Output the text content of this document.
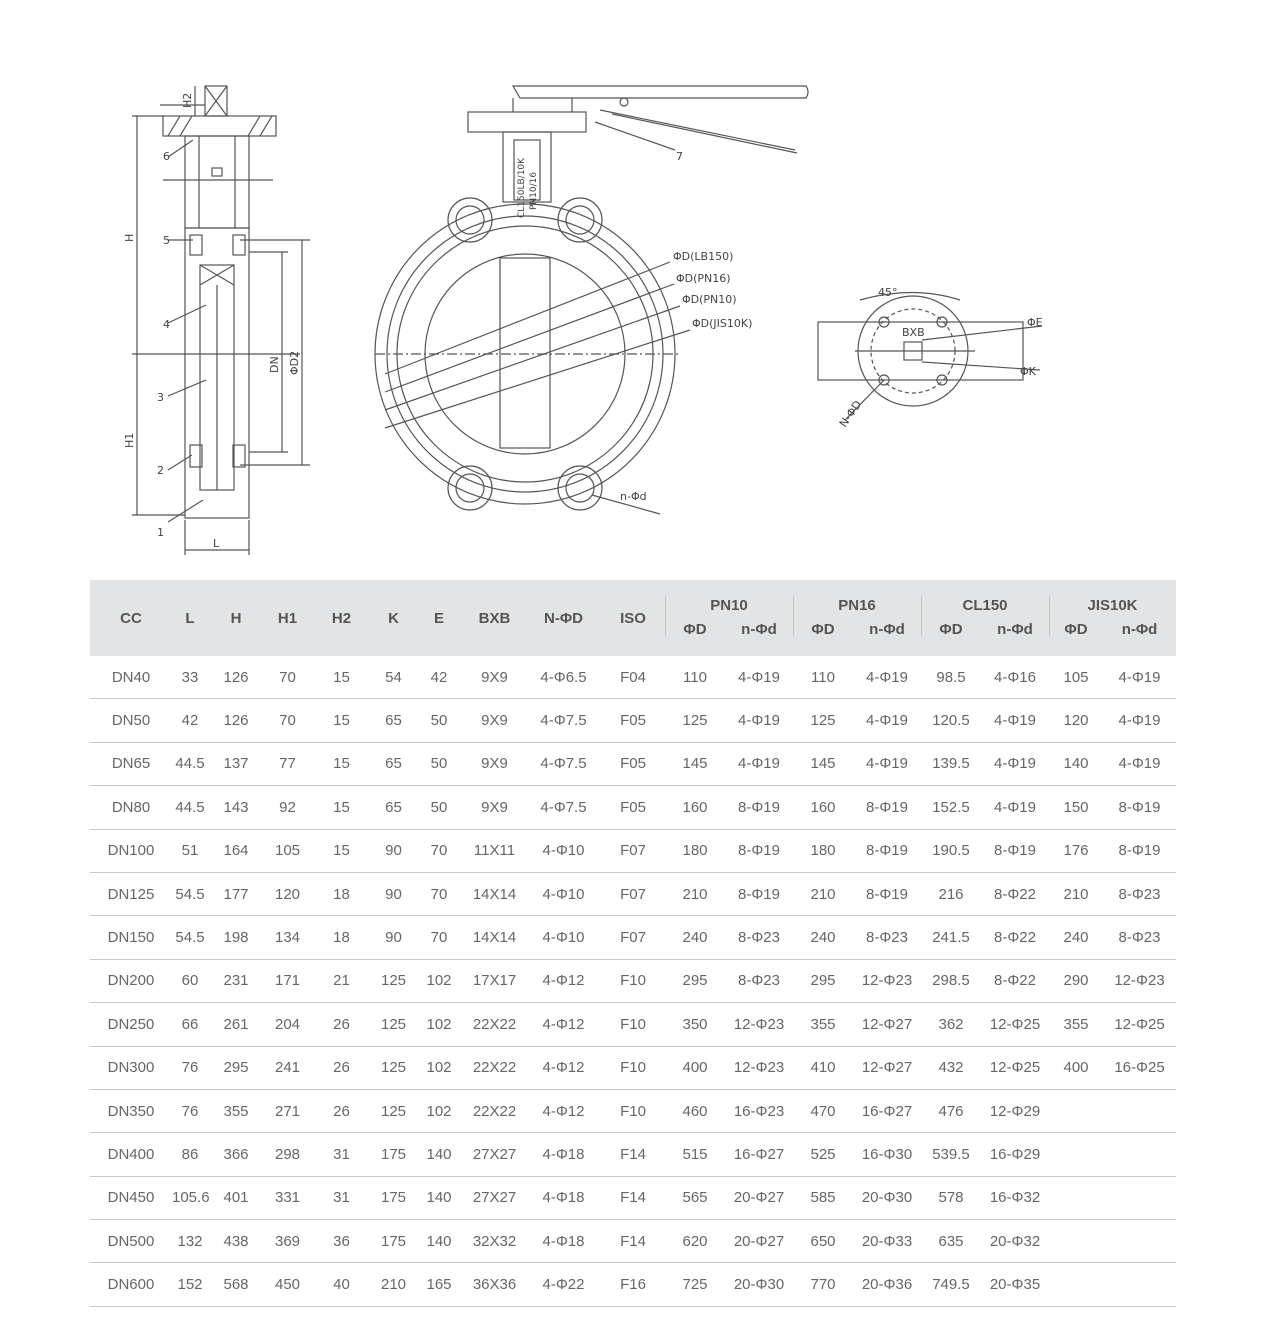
1
2
3
4
5
6	7
H2
H
H1
L
DN ΦD2
ΦD(LB150)
ΦD(PN16)
ΦD(PN10)
ΦD(JIS10K)
n-Φd
ΦE
ΦK
BXB
N-ΦD
45°
CL150LB/10K PN10/16
CC	L	H	H1	H2	K	E	BXB	N-ΦD	ISO	PN10		PN16		CL150		JIS10K	
										ΦD	n-Φd	ΦD	n-Φd	ΦD	n-Φd	ΦD	n-Φd
DN40	33	126	70	15	54	42	9X9	4-Φ6.5	F04	110	4-Φ19	110	4-Φ19	98.5	4-Φ16	105	4-Φ19
DN50	42	126	70	15	65	50	9X9	4-Φ7.5	F05	125	4-Φ19	125	4-Φ19	120.5	4-Φ19	120	4-Φ19
DN65	44.5	137	77	15	65	50	9X9	4-Φ7.5	F05	145	4-Φ19	145	4-Φ19	139.5	4-Φ19	140	4-Φ19
DN80	44.5	143	92	15	65	50	9X9	4-Φ7.5	F05	160	8-Φ19	160	8-Φ19	152.5	4-Φ19	150	8-Φ19
DN100	51	164	105	15	90	70	11X11	4-Φ10	F07	180	8-Φ19	180	8-Φ19	190.5	8-Φ19	176	8-Φ19
DN125	54.5	177	120	18	90	70	14X14	4-Φ10	F07	210	8-Φ19	210	8-Φ19	216	8-Φ22	210	8-Φ23
DN150	54.5	198	134	18	90	70	14X14	4-Φ10	F07	240	8-Φ23	240	8-Φ23	241.5	8-Φ22	240	8-Φ23
DN200	60	231	171	21	125	102	17X17	4-Φ12	F10	295	8-Φ23	295	12-Φ23	298.5	8-Φ22	290	12-Φ23
DN250	66	261	204	26	125	102	22X22	4-Φ12	F10	350	12-Φ23	355	12-Φ27	362	12-Φ25	355	12-Φ25
DN300	76	295	241	26	125	102	22X22	4-Φ12	F10	400	12-Φ23	410	12-Φ27	432	12-Φ25	400	16-Φ25
DN350	76	355	271	26	125	102	22X22	4-Φ12	F10	460	16-Φ23	470	16-Φ27	476	12-Φ29		
DN400	86	366	298	31	175	140	27X27	4-Φ18	F14	515	16-Φ27	525	16-Φ30	539.5	16-Φ29		
DN450	105.6	401	331	31	175	140	27X27	4-Φ18	F14	565	20-Φ27	585	20-Φ30	578	16-Φ32		
DN500	132	438	369	36	175	140	32X32	4-Φ18	F14	620	20-Φ27	650	20-Φ33	635	20-Φ32		
DN600	152	568	450	40	210	165	36X36	4-Φ22	F16	725	20-Φ30	770	20-Φ36	749.5	20-Φ35		
